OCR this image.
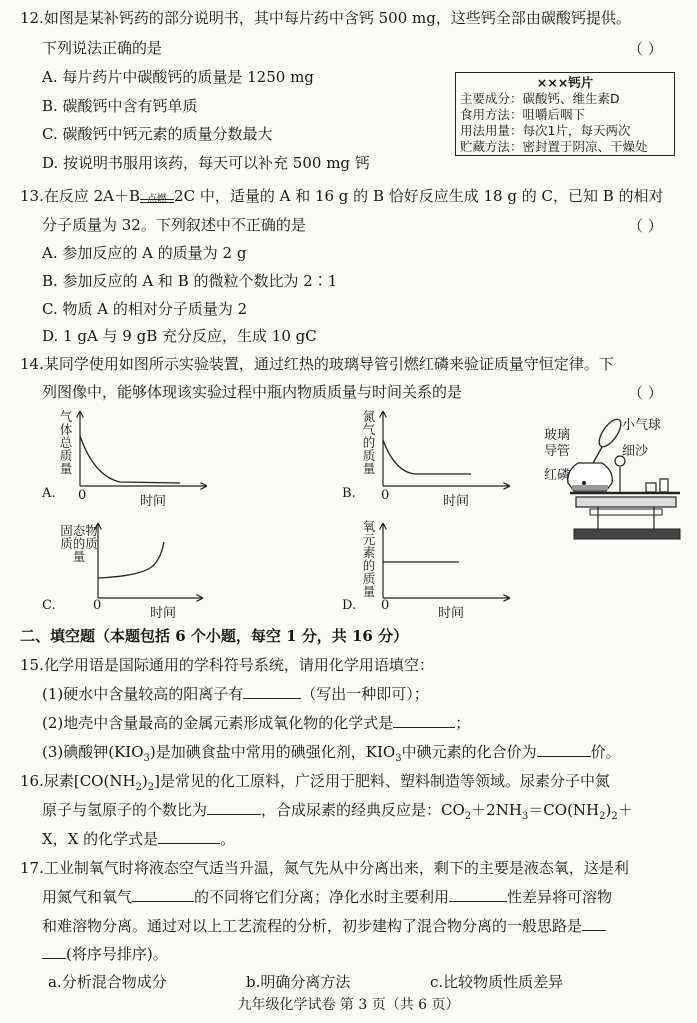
12.如图是某补钙药的部分说明书，其中每片药中含钙 500 mg，这些钙全部由碳酸钙提供。
下列说法正确的是	（ ）
A. 每片药片中碳酸钙的质量是 1250 mg
B. 碳酸钙中含有钙单质
C. 碳酸钙中钙元素的质量分数最大
D. 按说明书服用该药，每天可以补充 500 mg 钙
×××钙片
主要成分：碳酸钙、维生素D
食用方法：咀嚼后咽下
用法用量：每次1片，每天两次
贮藏方法：密封置于阴凉、干燥处
13.在反应 2A＋B 点燃 2C 中，适量的 A 和 16 g 的 B 恰好反应生成 18 g 的 C，已知 B 的相对
分子质量为 32。下列叙述中不正确的是	（ ）
A. 参加反应的 A 的质量为 2 g
B. 参加反应的 A 和 B 的微粒个数比为 2∶1
C. 物质 A 的相对分子质量为 2
D. 1 gA 与 9 gB 充分反应，生成 10 gC
14.某同学使用如图所示实验装置，通过红热的玻璃导管引燃红磷来验证质量守恒定律。下
列图像中，能够体现该实验过程中瓶内物质质量与时间关系的是	（ ）
气体总质量
A. 0	时间
氮气的质量
B. 0	时间
固态物质的质量
C.	0
时间
氧元素的质量
D. 0
时间
小气球
细沙
玻璃导管
红磷
二、填空题（本题包括 6 个小题，每空 1 分，共 16 分）
15.化学用语是国际通用的学科符号系统，请用化学用语填空：
(1)硬水中含量较高的阳离子有	（写出一种即可）；
(2)地壳中含量最高的金属元素形成氧化物的化学式是	；
(3)碘酸钾$(KIO_3)$是加碘食盐中常用的碘强化剂，$KIO_3$中碘元素的化合价为	价。
16.尿素$[CO(NH_2)_2]$是常见的化工原料，广泛用于肥料、塑料制造等领域。尿素分子中氮
原子与氢原子的个数比为	，合成尿素的经典反应是：$CO_2+2NH_3=CO(NH_2)_2+$
X，X 的化学式是	。
17.工业制氧气时将液态空气适当升温，氮气先从中分离出来，剩下的主要是液态氧，这是利
用氮气和氧气	的不同将它们分离；净化水时主要利用	性差异将可溶物
和难溶物分离。通过对以上工艺流程的分析，初步建构了混合物分离的一般思路是
(将序号排序)。
a.分析混合物成分	b.明确分离方法	c.比较物质性质差异
九年级化学试卷 第 3 页（共 6 页）
